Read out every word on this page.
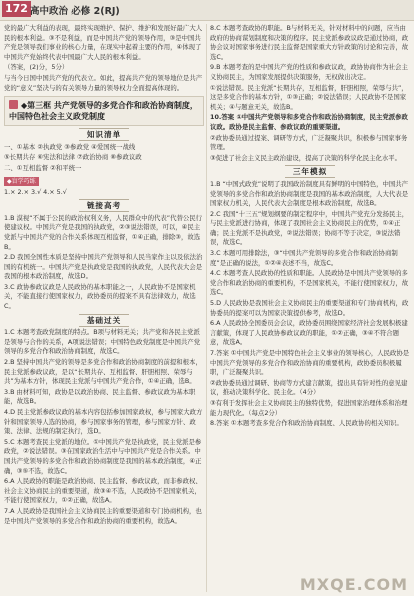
172 高中政治 必修 2(RJ)

党的最广大利益的表现，最终实现维护、保护、维护和发展好最广大人民的根本利益。③不是利益，而是中国共产党的领导作用，③是中国共产党是领导我们事业的核心力量，在现实中起着主要的作用，④体现了中国共产党始终代表中国最广大人民的根本利益。

（答案，(2)分，5分）

与当今日国中国共产党的代表立。如此，提高共产党的领导地位是共产党的“意义”坚决与的有关领导力量的领导权力全面提高体现的。

◆第三框 共产党领导的多党合作和政治协商制度，中国特色社会主义政党制度
知识清单

一、①基本 ②执政党 ③参政党 ④爱国统一战线

⑤长期共存 ⑥宪法和法律 ⑦政治协商 ⑧参政议政

二、①互相监督 ②和平统一

◆盲学巧练

1.× 2.× 3.√ 4.× 5.√

链接高考

1.B 漠视“不属于公民的政治权利义务，人民群众中的代表”代替公民行使建议权。中国共产党是我国的执政党，②③说法错误，可以，④民主党派与中国共产党的合作关系体现互相监督，①④正确，排除③，故选B。

2.D 我国全国性本质是坚持中国共产党领导和人民当家作主以及依法治国的有机统一。中国共产党是执政党是我国的执政党，人民代表大会是我国的根本政治制度，故选D。

3.C 政协参政议政是人民政协的基本职能之一，人民政协不是国家机关，不能直接行使国家权力，政协委员的提案不具有法律效力，故选C。

基础过关

1.C 本题考查政党制度的特点。B项与材料无关；共产党和各民主党派是领导与合作的关系，A项说法错误；中国特色政党制度是中国共产党领导的多党合作和政治协商制度，故选C。

2.B 坚持中国共产党的领导是多党合作和政治协商制度的前提和根本，民主党派参政议政，是以“长期共存、互相监督、肝胆相照、荣辱与共”为基本方针，体现民主党派与中国共产党合作，①④正确，选B。

3.B 由材料可知，政协是以政治协商、民主监督、参政议政为基本职能，故选B。

4.D 民主党派参政议政的基本内容包括参加国家政权，参与国家大政方针和国家领导人选的协商，参与国家事务的管理，参与国家方针、政策、法律、法规的制定执行，选D。

5.C 本题考查民主党派的地位。①中国共产党是执政党，民主党派是参政党，②说法错误。③在国家政治生活中与中国共产党是合作关系。中国共产党领导的多党合作和政治协商制度是我国的基本政治制度，④正确，③⑤不选，故选C。

6.A 人民政协的职能是政治协商、民主监督、参政议政，而非参政权、社会主义协商民主的重要渠道，故③④不选，人民政协不是国家机关，不能行使国家权力，①②正确，故选A。

7.A 人民政协是我国社会主义协商民主的重要渠道和专门协商机构，也是中国共产党领导的多党合作和政治协商的重要机构，故选A。

8.C 本题考查政协的职能。B与材料无关，针对材料中的问题，应当由政府的协商谋划制度和决策的程序。民主党派参政议政是通过协商，政协会议对国家事务进行民主监督是国家重大方针政策的讨论和完善，故选C。

9.B 本题考查的是中国共产党的性质和参政议政，政协协商作为社会主义协商民主，为国家发展提供决策服务，无权做出决定。

①说法错误。民主党派“长期共存，互相监督，肝胆相照，荣辱与共”，这是多党合作的基本方针，①③正确；②说法错误；人民政协不是国家机关；④与题意无关，故选B。

10.答案 ①中国共产党领导和多党合作和政治协商制度，民主党派参政议政。政协是民主监督、参政议政的重要渠道。

②政协委员通过提案、调研等方式，广泛凝聚共识，积极参与国家事务管理。

③促进了社会主义民主政治建设，提高了决策的科学化民主化水平。

三年模拟

1.B “中国式政党”说明了我国政治制度具有鲜明的中国特色，中国共产党领导的多党合作和政治协商制度是我国的基本政治制度，人大代表是国家权力机关，人民代表大会制度是根本政治制度，故选B。

2.C 我国“十三五”规划纲要的制定程序中，中国共产党充分发扬民主，与民主党派进行协商，体现了我国社会主义协商民主的优势，①④正确；民主党派不是执政党，②说法错误；协商不等于决定，③说法错误，故选C。

3.C 本题可用排除法，③“中国共产党领导的多党合作和政治协商制度”是正确的说法，①②④表述不当，故选C。

4.C 本题考查人民政协的性质和职能。人民政协是中国共产党领导的多党合作和政治协商的重要机构，不是国家机关，不能行使国家权力，故选C。

5.D 人民政协是我国社会主义协商民主的重要渠道和专门协商机构，政协委员的提案可以为国家决策提供参考，故选D。

6.A 人民政协全国委员会会议，政协委员围绕国家经济社会发展积极建言献策，体现了人民政协参政议政的职能，①②正确，③④不符合题意，故选A。

7.答案 ①中国共产党是中国特色社会主义事业的领导核心，人民政协是中国共产党领导的多党合作和政治协商的重要机构，政协委员积极履职，广泛凝聚共识。

②政协委员通过调研、协商等方式建言献策，提出具有针对性的意见建议，推动决策科学化、民主化。（4分）

③有利于发挥社会主义协商民主的独特优势，促进国家治理体系和治理能力现代化。（每点2分）

8.答案 ①本题考查多党合作和政治协商制度、人民政协的相关知识。

MXQE.COM
